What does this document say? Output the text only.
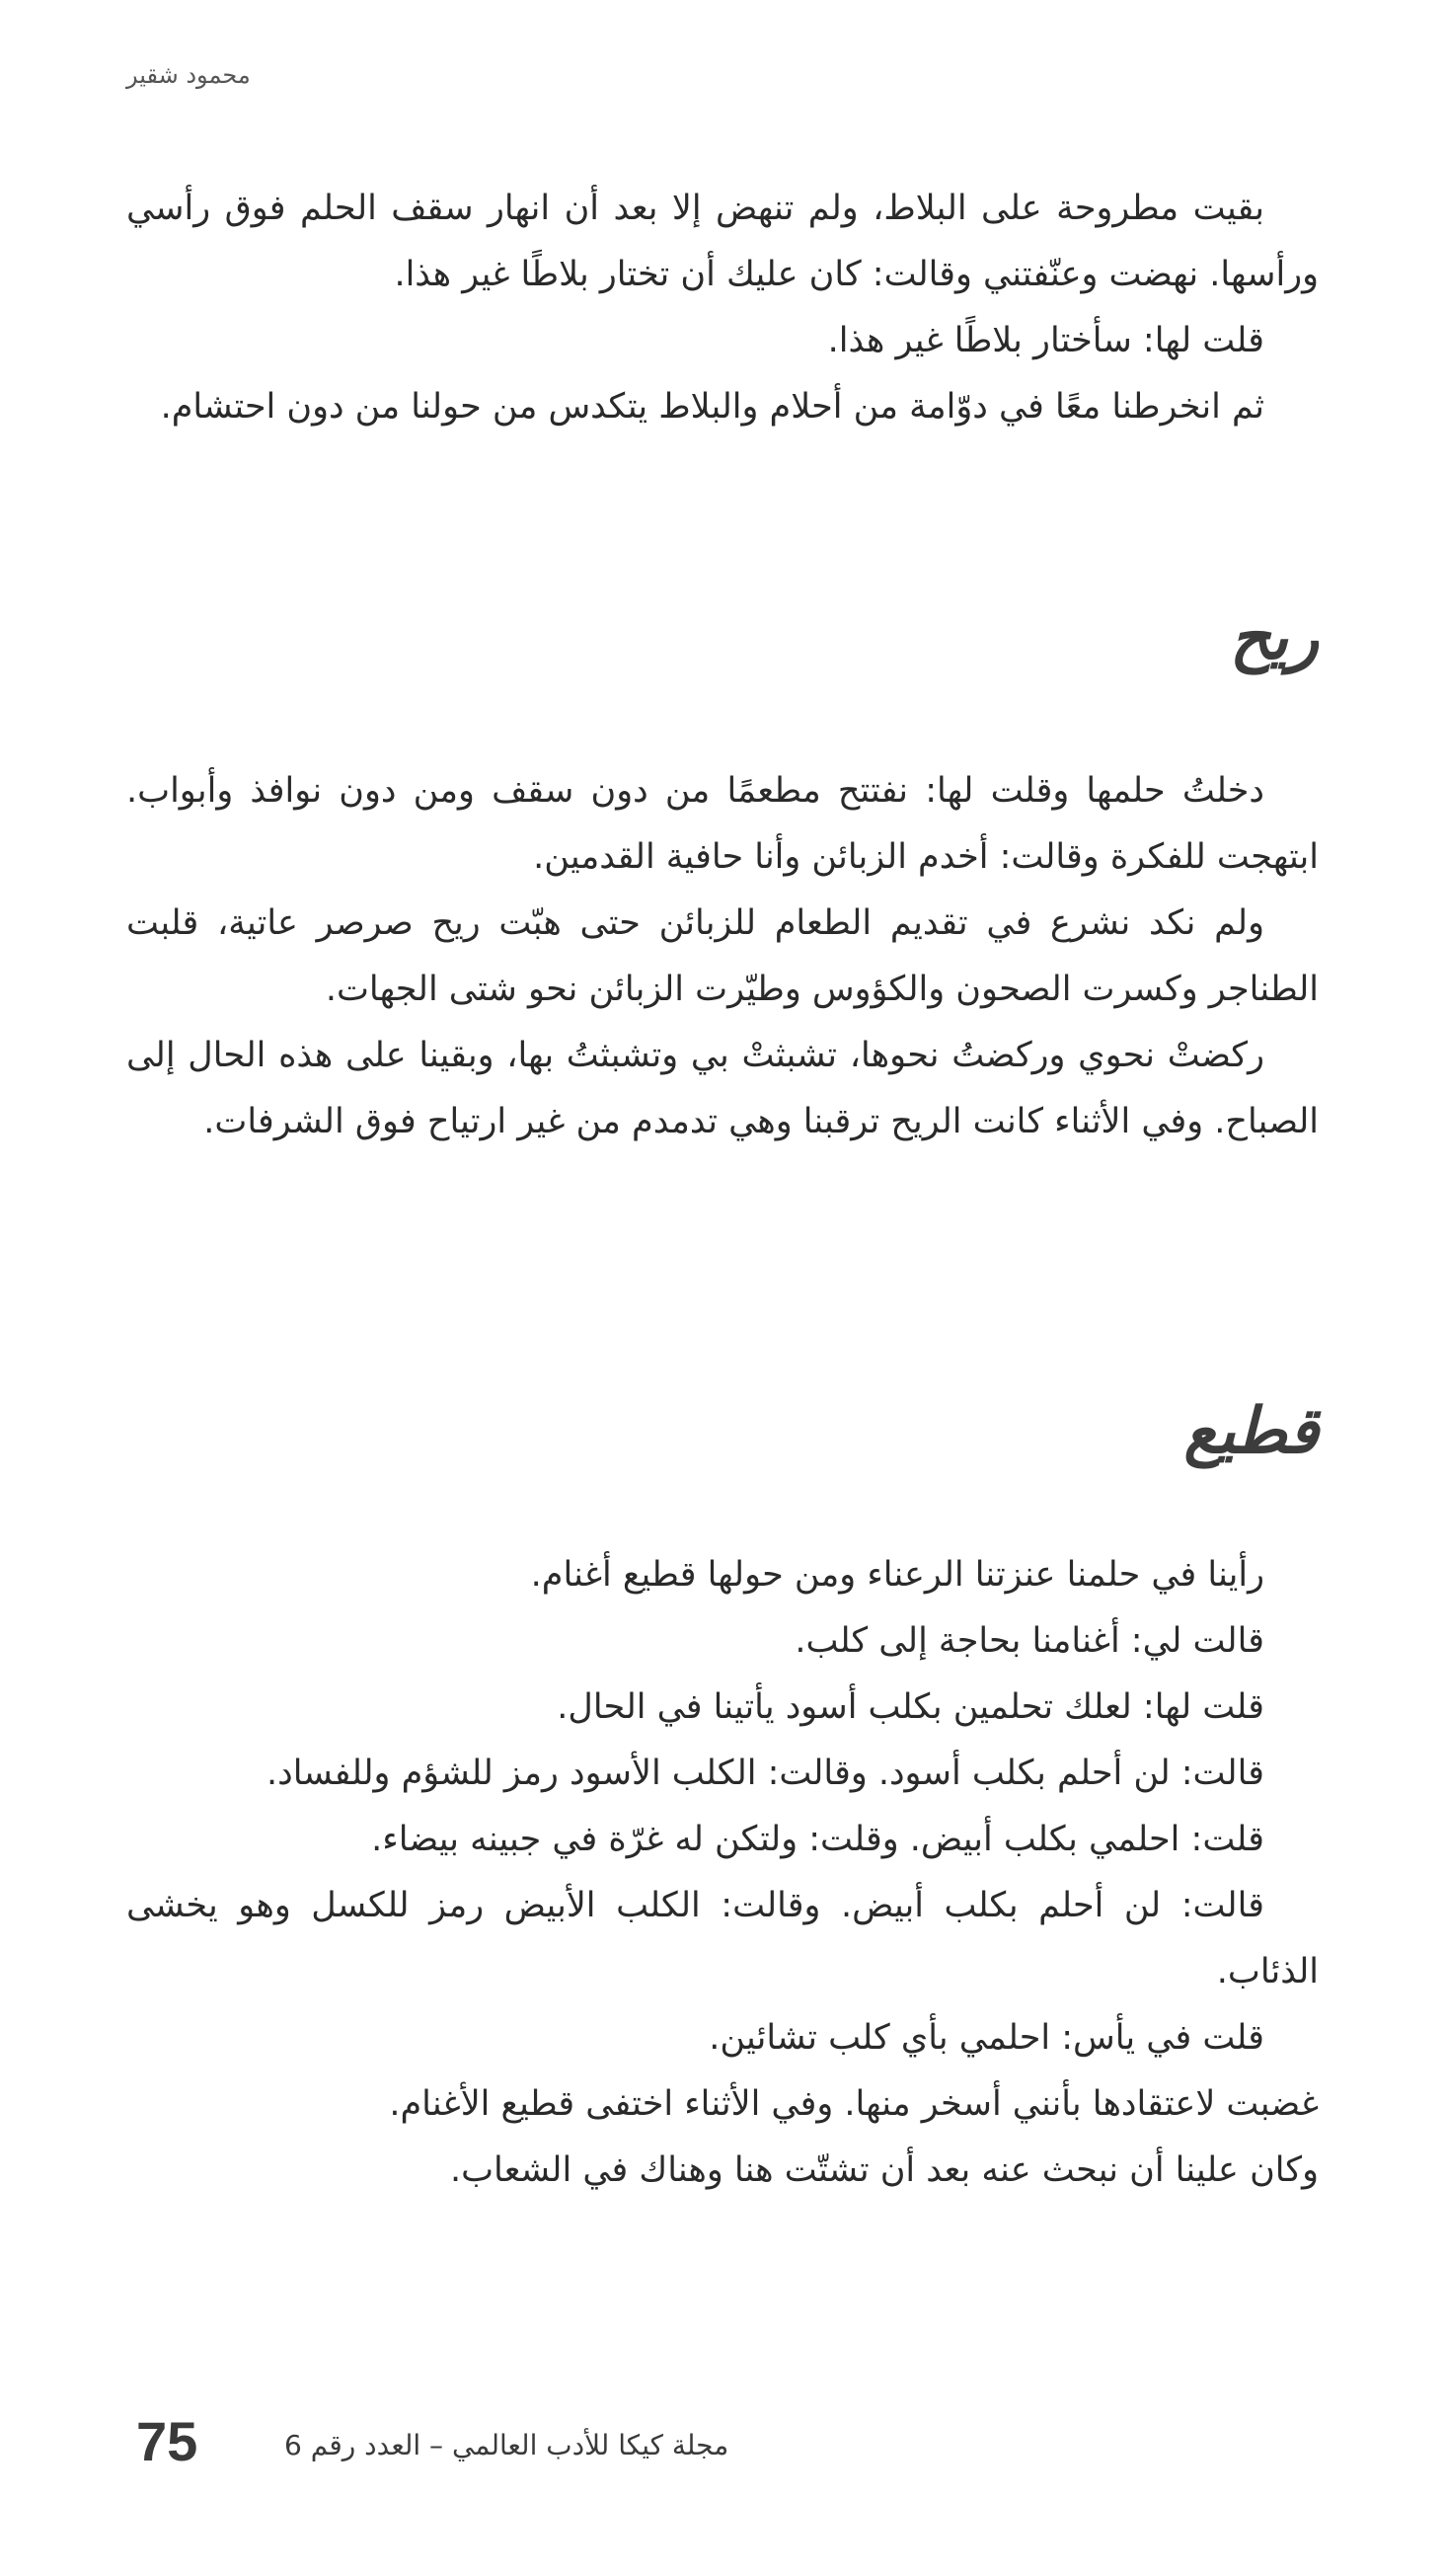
محمود شقير

بقيت مطروحة على البلاط، ولم تنهض إلا بعد أن انهار سقف الحلم فوق رأسي ورأسها. نهضت وعنّفتني وقالت: كان عليك أن تختار بلاطًا غير هذا.

قلت لها: سأختار بلاطًا غير هذا.

ثم انخرطنا معًا في دوّامة من أحلام والبلاط يتكدس من حولنا من دون احتشام.

ريح

دخلتُ حلمها وقلت لها: نفتتح مطعمًا من دون سقف ومن دون نوافذ وأبواب. ابتهجت للفكرة وقالت: أخدم الزبائن وأنا حافية القدمين.

ولم نكد نشرع في تقديم الطعام للزبائن حتى هبّت ريح صرصر عاتية، قلبت الطناجر وكسرت الصحون والكؤوس وطيّرت الزبائن نحو شتى الجهات.

ركضتْ نحوي وركضتُ نحوها، تشبثتْ بي وتشبثتُ بها، وبقينا على هذه الحال إلى الصباح. وفي الأثناء كانت الريح ترقبنا وهي تدمدم من غير ارتياح فوق الشرفات.

قطيع

رأينا في حلمنا عنزتنا الرعناء ومن حولها قطيع أغنام.

قالت لي: أغنامنا بحاجة إلى كلب.

قلت لها: لعلك تحلمين بكلب أسود يأتينا في الحال.

قالت: لن أحلم بكلب أسود. وقالت: الكلب الأسود رمز للشؤم وللفساد.

قلت: احلمي بكلب أبيض. وقلت: ولتكن له غرّة في جبينه بيضاء.

قالت: لن أحلم بكلب أبيض. وقالت: الكلب الأبيض رمز للكسل وهو يخشى الذئاب.

قلت في يأس: احلمي بأي كلب تشائين.

غضبت لاعتقادها بأنني أسخر منها. وفي الأثناء اختفى قطيع الأغنام.

وكان علينا أن نبحث عنه بعد أن تشتّت هنا وهناك في الشعاب.

75	مجلة كيكا للأدب العالمي – العدد رقم 6
